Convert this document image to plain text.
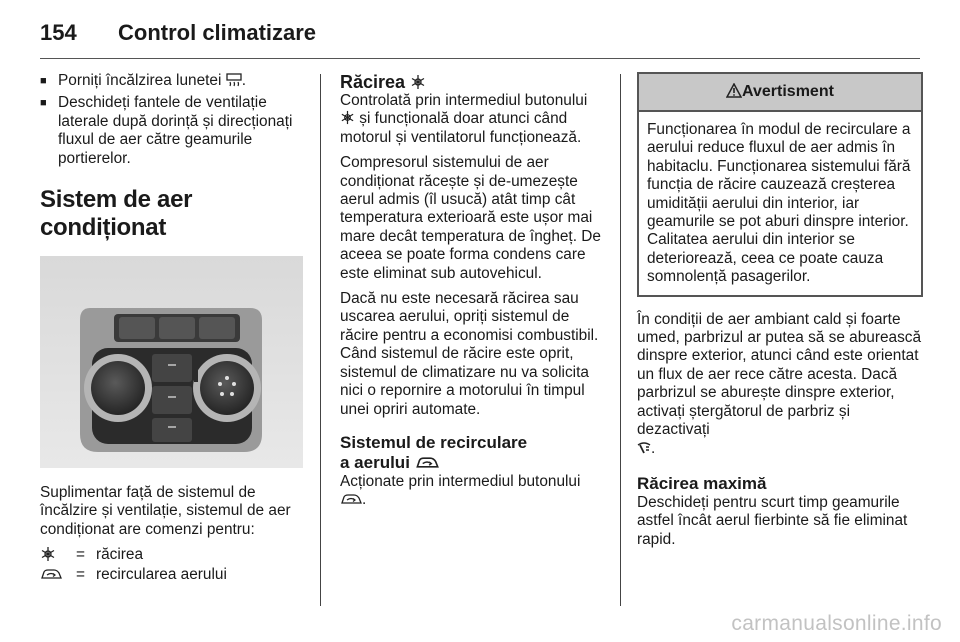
154 Control climatizare
■ Porniți încălzirea lunetei .
■ Deschideți fantele de ventilație laterale după dorință și direcționați fluxul de aer către geamurile portierelor.
Sistem de aer condiționat

Suplimentar față de sistemul de încălzire și ventilație, sistemul de aer condiționat are comenzi pentru:

= răcirea
= recircularea aerului
Răcirea

Controlată prin intermediul butonului  și funcțională doar atunci când motorul și ventilatorul funcționează.

Compresorul sistemului de aer condiționat răcește și de-umezește aerul admis (îl usucă) atât timp cât temperatura exterioară este ușor mai mare decât temperatura de îngheț. De aceea se poate forma condens care este eliminat sub autovehicul.

Dacă nu este necesară răcirea sau uscarea aerului, opriți sistemul de răcire pentru a economisi combustibil. Când sistemul de răcire este oprit, sistemul de climatizare nu va solicita nici o repornire a motorului în timpul unei opriri automate.

Sistemul de recirculare
a aerului

Acționate prin intermediul butonului
.

Avertisment
Funcționarea în modul de recirculare a aerului reduce fluxul de aer admis în habitaclu. Funcționarea sistemului fără funcția de răcire cauzează creșterea umidității aerului din interior, iar geamurile se pot aburi dinspre interior. Calitatea aerului din interior se deteriorează, ceea ce poate cauza somnolență pasagerilor.

În condiții de aer ambiant cald și foarte umed, parbrizul ar putea să se aburească dinspre exterior, atunci când este orientat un flux de aer rece către acesta. Dacă parbrizul se aburește dinspre exterior, activați ștergătorul de parbriz și dezactivați
.

Răcirea maximă

Deschideți pentru scurt timp geamurile astfel încât aerul fierbinte să fie eliminat rapid.

carmanualsonline.info
